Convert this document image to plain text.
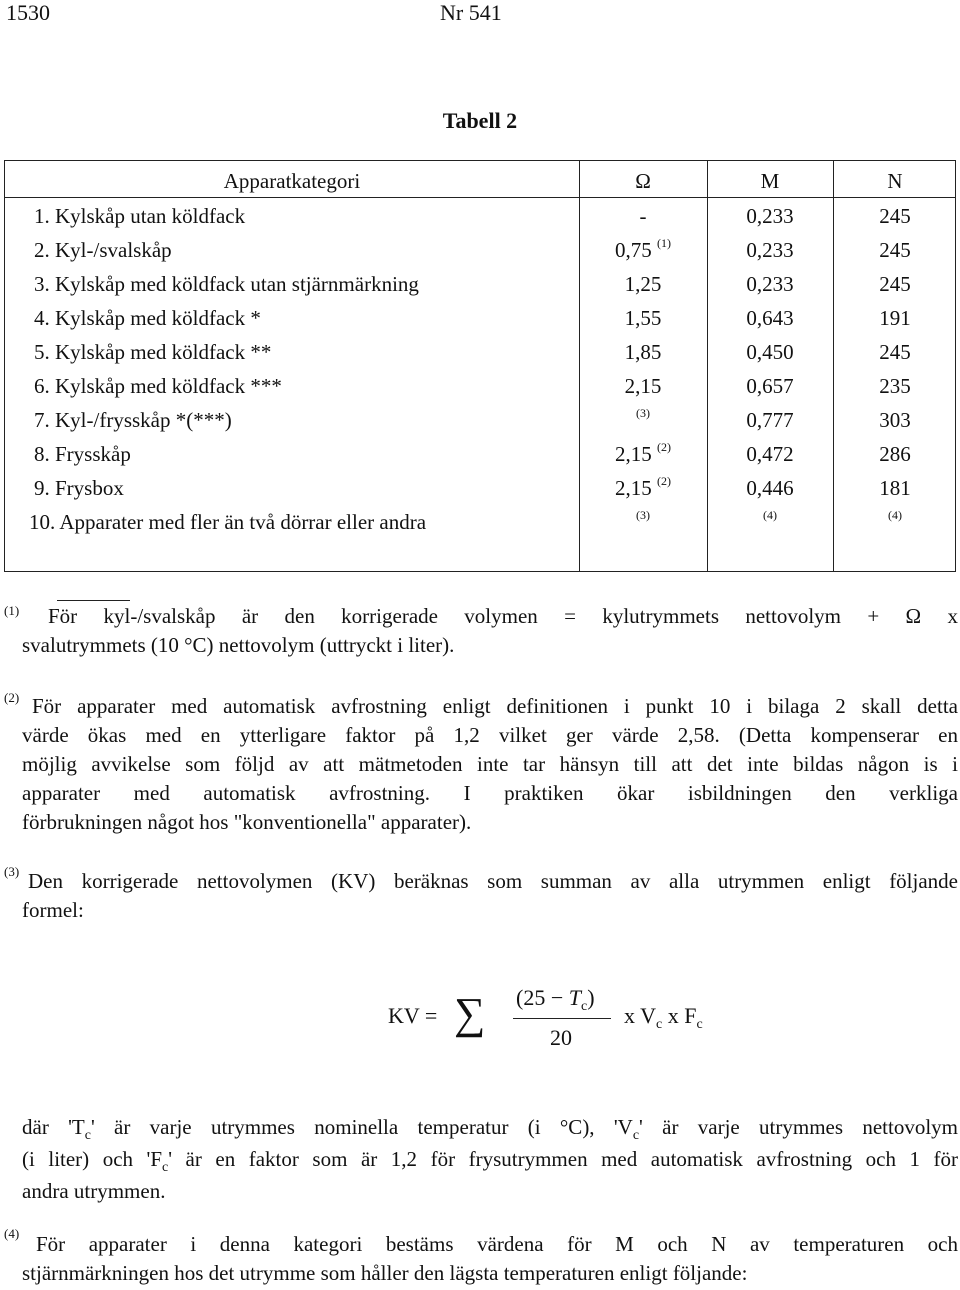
1530	Nr 541
Tabell 2
Apparatkategori	Ω	M	N
1. Kylskåp utan köldfack	-	0,233	245
2. Kyl-/svalskåp	0,75 $^{(1)}$	0,233	245
3. Kylskåp med köldfack utan stjärnmärkning	1,25	0,233	245
4. Kylskåp med köldfack *	1,55	0,643	191
5. Kylskåp med köldfack **	1,85	0,450	245
6. Kylskåp med köldfack ***	2,15	0,657	235
7. Kyl-/frysskåp *(***)	$^{(3)}$	0,777	303
8. Frysskåp	2,15 $^{(2)}$	0,472	286
9. Frysbox	2,15 $^{(2)}$	0,446	181
10. Apparater med fler än två dörrar eller andra	$^{(3)}$	$^{(4)}$	$^{(4)}$
(1)	För kyl-/svalskåp är den korrigerade volymen = kylutrymmets nettovolym + Ω x
svalutrymmets (10 °C) nettovolym (uttryckt i liter).
(2) För apparater med automatisk avfrostning enligt definitionen i punkt 10 i bilaga 2 skall detta
värde ökas med en ytterligare faktor på 1,2 vilket ger värde 2,58. (Detta kompenserar en
möjlig avvikelse som följd av att mätmetoden inte tar hänsyn till att det inte bildas någon is i
apparater med automatisk avfrostning. I praktiken ökar isbildningen den verkliga
förbrukningen något hos "konventionella" apparater).
(3) Den korrigerade nettovolymen (KV) beräknas som summan av alla utrymmen enligt följande
formel:
KV = ∑ $(25 - T_c)$
20
x $V_c$ x $F_c$
där '$T_c$' är varje utrymmes nominella temperatur (i °C), '$V_c$' är varje utrymmes nettovolym
(i liter) och '$F_c$' är en faktor som är 1,2 för frysutrymmen med automatisk avfrostning och 1 för
andra utrymmen.
(4) För apparater i denna kategori bestäms värdena för M och N av temperaturen och
stjärnmärkningen hos det utrymme som håller den lägsta temperaturen enligt följande:
